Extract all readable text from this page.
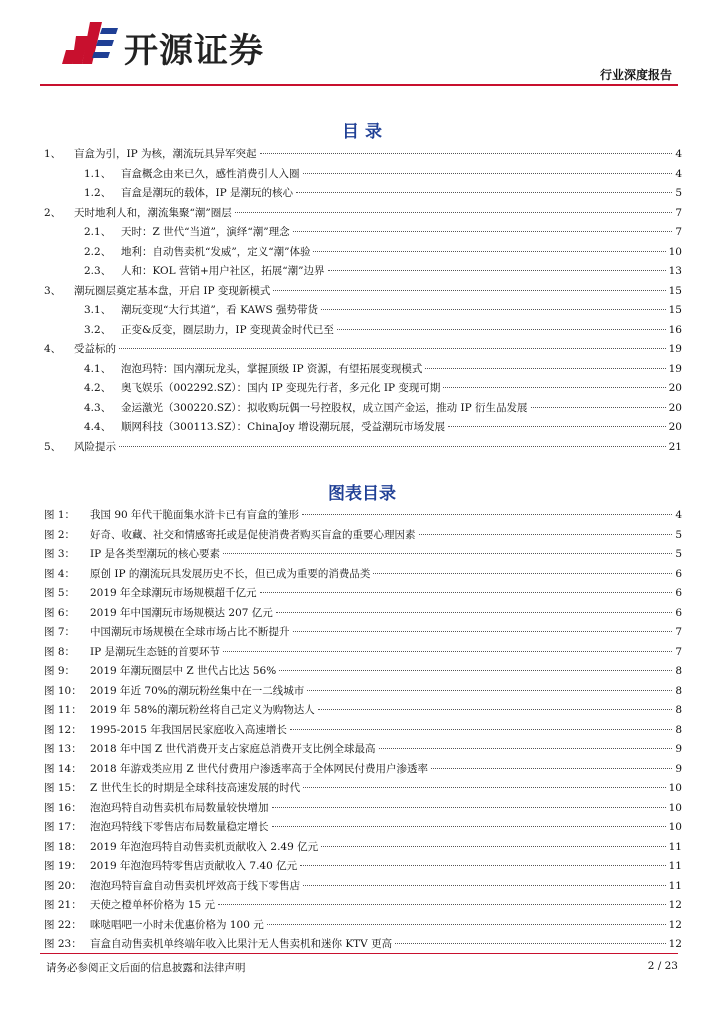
开源证券
行业深度报告
目 录
1、	盲盒为引，IP 为核，潮流玩具异军突起	4
1.1、 盲盒概念由来已久，感性消费引人入圈	4
1.2、 盲盒是潮玩的载体，IP 是潮玩的核心	5
2、	天时地利人和，潮流集聚“潮”圈层	7
2.1、 天时：Z 世代“当道”，演绎“潮”理念	7
2.2、 地利：自动售卖机“发威”，定义“潮”体验	10
2.3、 人和：KOL 营销+用户社区，拓展“潮”边界	13
3、	潮玩圈层奠定基本盘，开启 IP 变现新模式	15
3.1、 潮玩变现“大行其道”，看 KAWS 强势带货	15
3.2、 正变&反变，圈层助力，IP 变现黄金时代已至	16
4、	受益标的	19
4.1、 泡泡玛特：国内潮玩龙头，掌握顶级 IP 资源，有望拓展变现模式	19
4.2、 奥飞娱乐（002292.SZ）：国内 IP 变现先行者，多元化 IP 变现可期	20
4.3、 金运激光（300220.SZ）：拟收购玩偶一号控股权，成立国产金运，推动 IP 衍生品发展	20
4.4、 顺网科技（300113.SZ）：ChinaJoy 增设潮玩展，受益潮玩市场发展	20
5、	风险提示	21
图表目录
图 1：	我国 90 年代干脆面集水浒卡已有盲盒的雏形	4
图 2：	好奇、收藏、社交和情感寄托或是促使消费者购买盲盒的重要心理因素	5
图 3：	IP 是各类型潮玩的核心要素	5
图 4：	原创 IP 的潮流玩具发展历史不长，但已成为重要的消费品类	6
图 5：	2019 年全球潮玩市场规模超千亿元	6
图 6：	2019 年中国潮玩市场规模达 207 亿元	6
图 7：	中国潮玩市场规模在全球市场占比不断提升	7
图 8：	IP 是潮玩生态链的首要环节	7
图 9：	2019 年潮玩圈层中 Z 世代占比达 56%	8
图 10： 2019 年近 70%的潮玩粉丝集中在一二线城市	8
图 11： 2019 年 58%的潮玩粉丝将自己定义为购物达人	8
图 12： 1995-2015 年我国居民家庭收入高速增长	8
图 13： 2018 年中国 Z 世代消费开支占家庭总消费开支比例全球最高	9
图 14： 2018 年游戏类应用 Z 世代付费用户渗透率高于全体网民付费用户渗透率	9
图 15： Z 世代生长的时期是全球科技高速发展的时代	10
图 16： 泡泡玛特自动售卖机布局数量较快增加	10
图 17： 泡泡玛特线下零售店布局数量稳定增长	10
图 18： 2019 年泡泡玛特自动售卖机贡献收入 2.49 亿元	11
图 19： 2019 年泡泡玛特零售店贡献收入 7.40 亿元	11
图 20： 泡泡玛特盲盒自动售卖机坪效高于线下零售店	11
图 21： 天使之橙单杯价格为 15 元	12
图 22： 咪哒唱吧一小时未优惠价格为 100 元	12
图 23： 盲盒自动售卖机单终端年收入比果汁无人售卖机和迷你 KTV 更高	12
请务必参阅正文后面的信息披露和法律声明	2 / 23
